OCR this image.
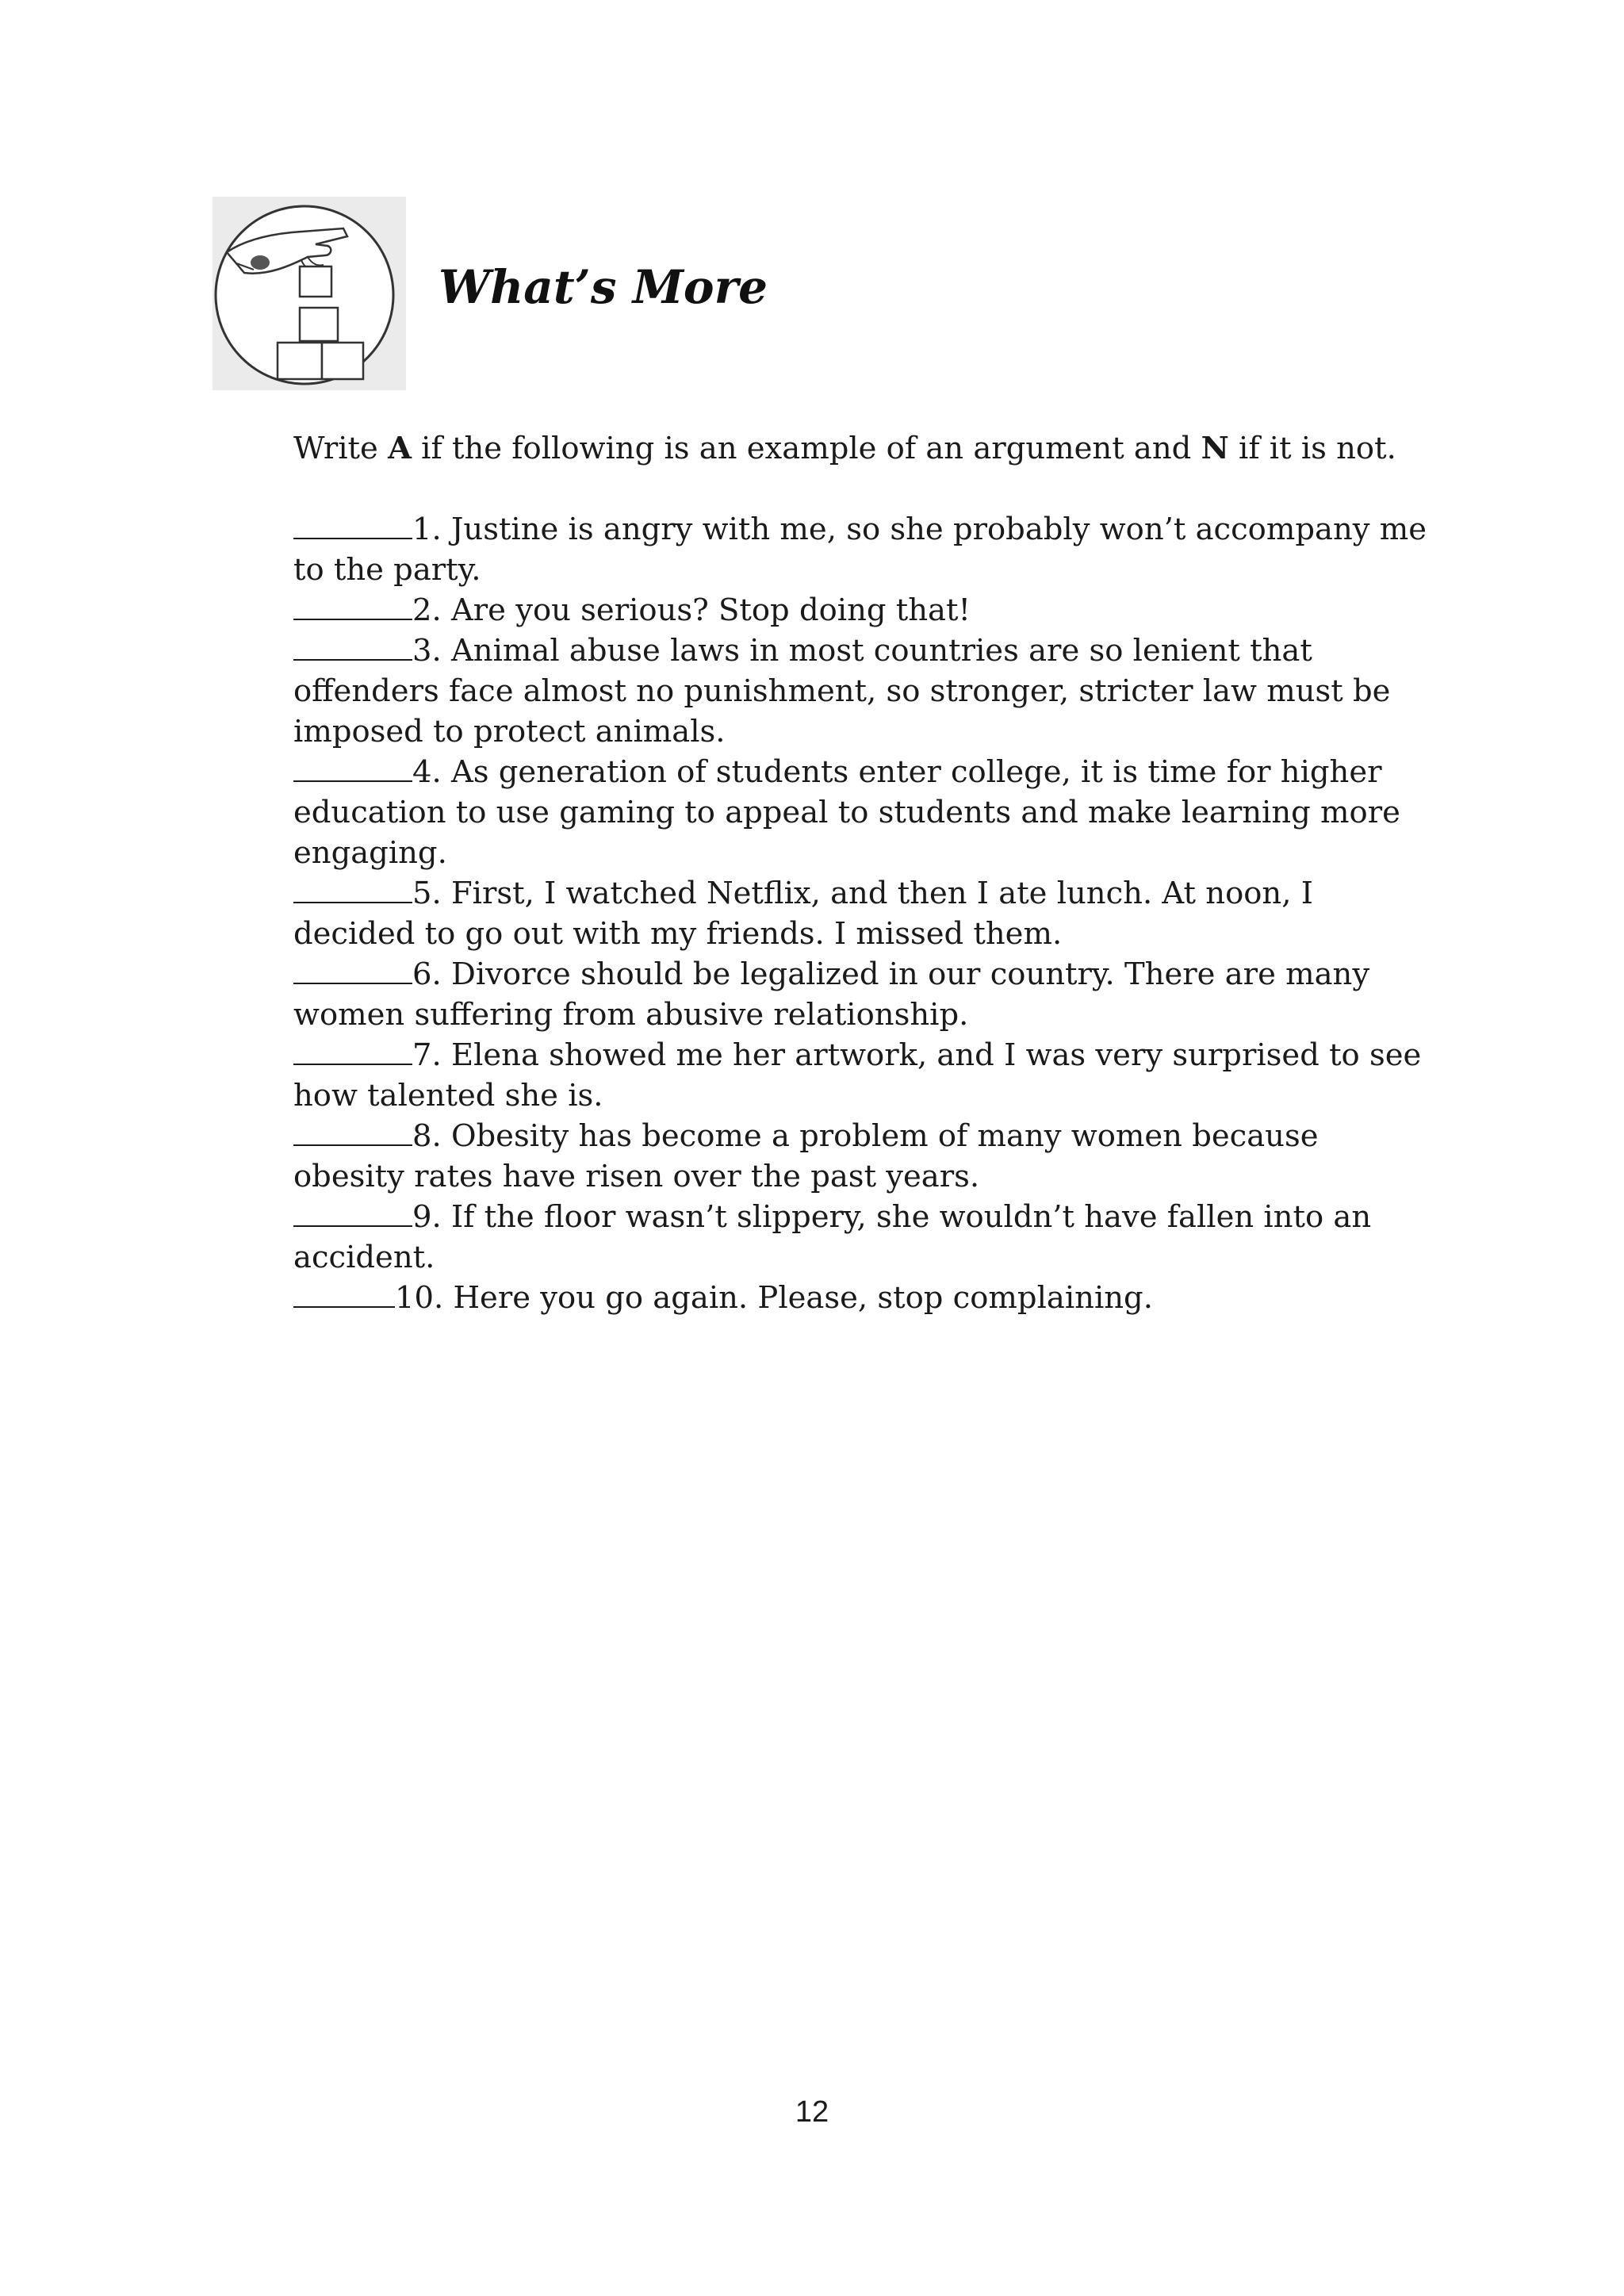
What’s More

Write A if the following is an example of an argument and N if it is not.

1. Justine is angry with me, so she probably won’t accompany me to the party.

2. Are you serious? Stop doing that!

3. Animal abuse laws in most countries are so lenient that offenders face almost no punishment, so stronger, stricter law must be imposed to protect animals.

4. As generation of students enter college, it is time for higher education to use gaming to appeal to students and make learning more engaging.

5. First, I watched Netflix, and then I ate lunch. At noon, I decided to go out with my friends. I missed them.

6. Divorce should be legalized in our country. There are many women suffering from abusive relationship.

7. Elena showed me her artwork, and I was very surprised to see how talented she is.

8. Obesity has become a problem of many women because obesity rates have risen over the past years.

9. If the floor wasn’t slippery, she wouldn’t have fallen into an accident.

10. Here you go again. Please, stop complaining.

12
